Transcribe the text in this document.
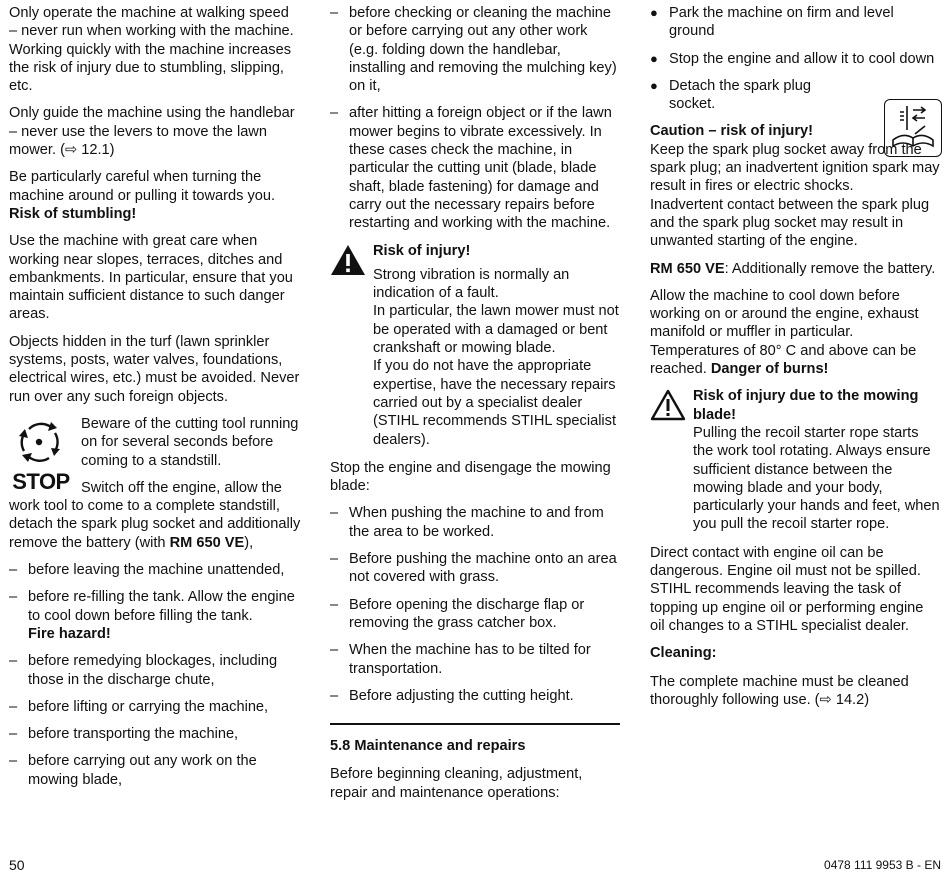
Only operate the machine at walking speed – never run when working with the machine. Working quickly with the machine increases the risk of injury due to stumbling, slipping, etc.

Only guide the machine using the handlebar – never use the levers to move the lawn mower. (⇨ 12.1)

Be particularly careful when turning the machine around or pulling it towards you. Risk of stumbling!

Use the machine with great care when working near slopes, terraces, ditches and embankments. In particular, ensure that you maintain sufficient distance to such danger areas.

Objects hidden in the turf (lawn sprinkler systems, posts, water valves, foundations, electrical wires, etc.) must be avoided. Never run over any such foreign objects.

STOP

Beware of the cutting tool running on for several seconds before coming to a standstill.

Switch off the engine, allow the work tool to come to a complete standstill, detach the spark plug socket and additionally remove the battery (with RM 650 VE),

– before leaving the machine unattended,
– before re-filling the tank. Allow the engine to cool down before filling the tank.
Fire hazard!
– before remedying blockages, including those in the discharge chute,
– before lifting or carrying the machine,
– before transporting the machine,
– before carrying out any work on the mowing blade,
– before checking or cleaning the machine or before carrying out any other work (e.g. folding down the handlebar, installing and removing the mulching key) on it,
– after hitting a foreign object or if the lawn mower begins to vibrate excessively. In these cases check the machine, in particular the cutting unit (blade, blade shaft, blade fastening) for damage and carry out the necessary repairs before restarting and working with the machine.
Risk of injury!
Strong vibration is normally an indication of a fault.
In particular, the lawn mower must not be operated with a damaged or bent crankshaft or mowing blade.
If you do not have the appropriate expertise, have the necessary repairs carried out by a specialist dealer (STIHL recommends STIHL specialist dealers).

Stop the engine and disengage the mowing blade:

– When pushing the machine to and from the area to be worked.
– Before pushing the machine onto an area not covered with grass.
– Before opening the discharge flap or removing the grass catcher box.
– When the machine has to be tilted for transportation.
– Before adjusting the cutting height.
5.8 Maintenance and repairs

Before beginning cleaning, adjustment, repair and maintenance operations:

● Park the machine on firm and level ground
● Stop the engine and allow it to cool down
● Detach the spark plug socket.
Caution – risk of injury!

Keep the spark plug socket away from the spark plug; an inadvertent ignition spark may result in fires or electric shocks.

Inadvertent contact between the spark plug and the spark plug socket may result in unwanted starting of the engine.

RM 650 VE: Additionally remove the battery.

Allow the machine to cool down before working on or around the engine, exhaust manifold or muffler in particular. Temperatures of 80° C and above can be reached. Danger of burns!

Risk of injury due to the mowing blade!
Pulling the recoil starter rope starts the work tool rotating. Always ensure sufficient distance between the mowing blade and your body, particularly your hands and feet, when you pull the recoil starter rope.

Direct contact with engine oil can be dangerous. Engine oil must not be spilled. STIHL recommends leaving the task of topping up engine oil or performing engine oil changes to a STIHL specialist dealer.

Cleaning:

The complete machine must be cleaned thoroughly following use. (⇨ 14.2)

50	0478 111 9953 B - EN
